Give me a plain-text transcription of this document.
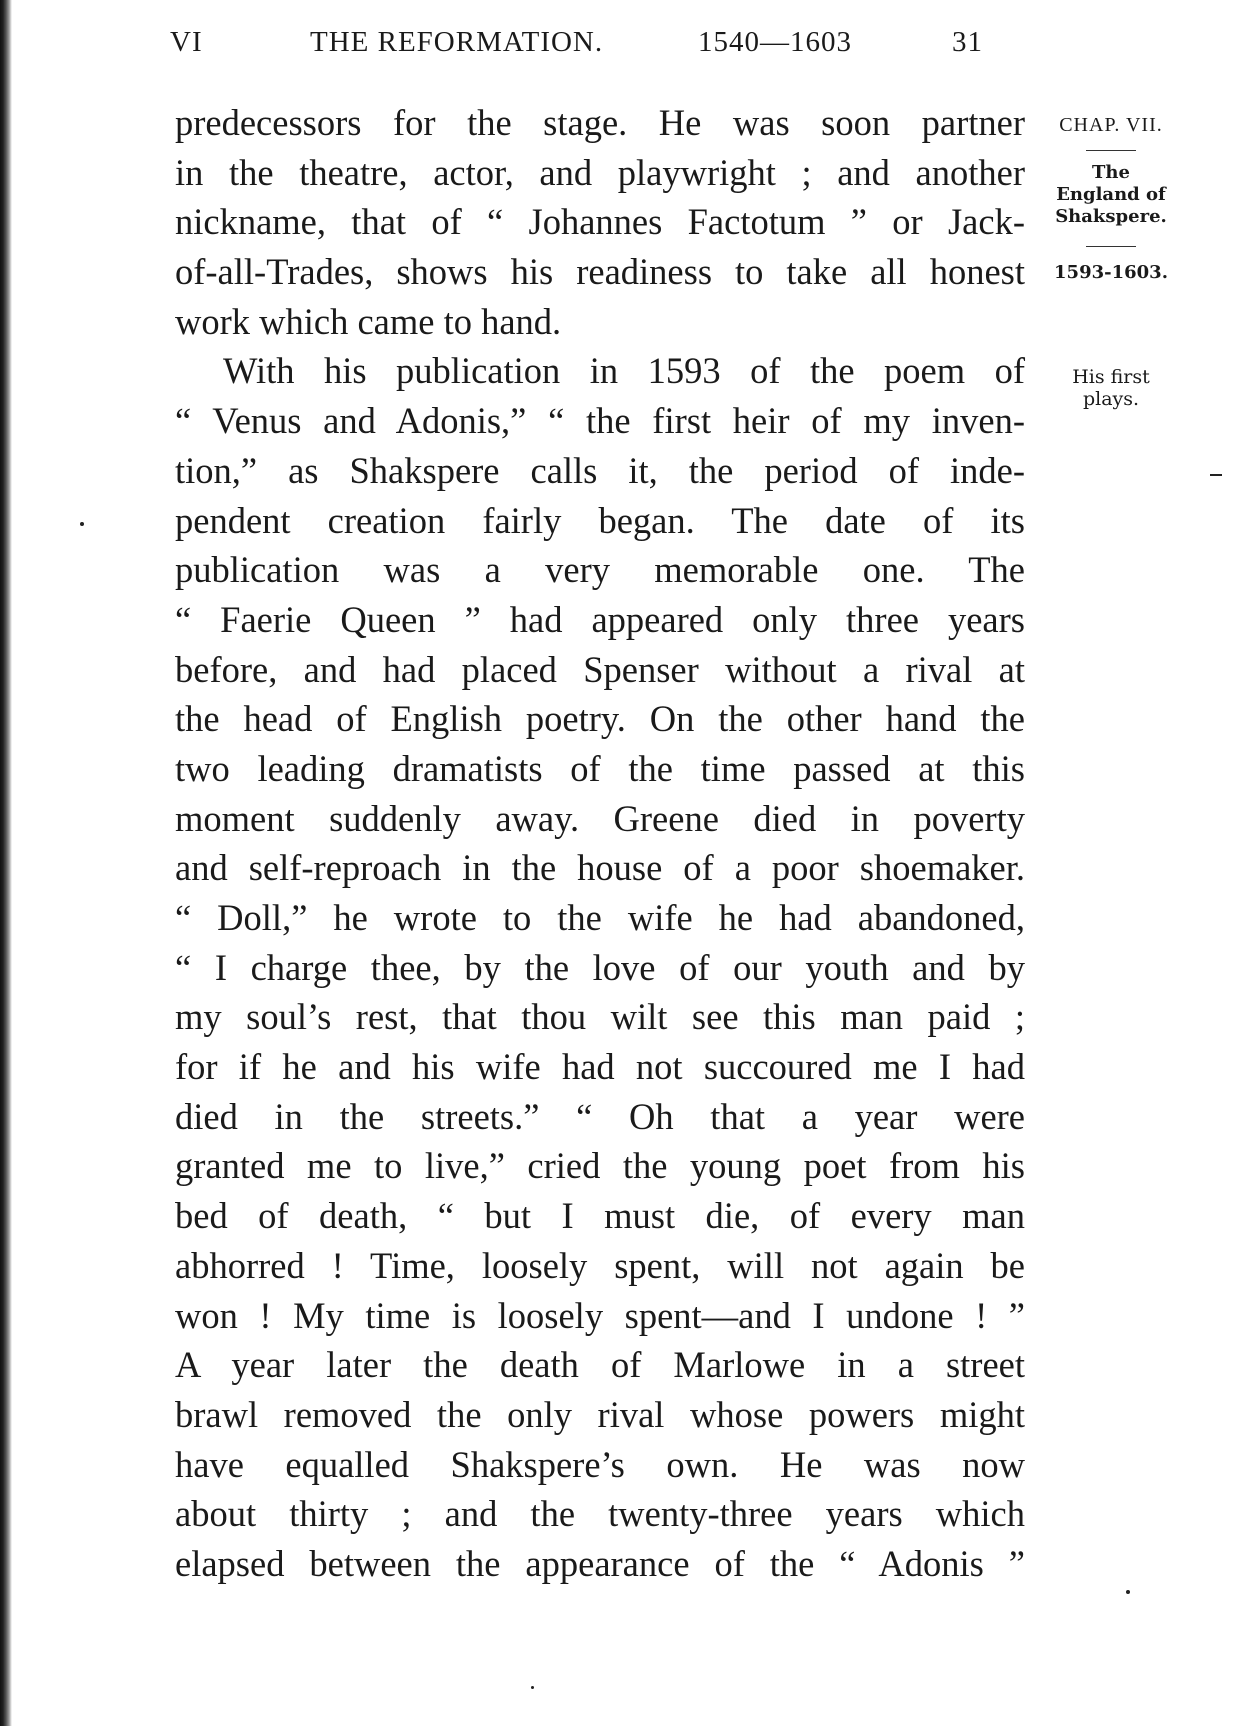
VI	THE REFORMATION.	1540—1603	31
predecessors for the stage. He was soon partner
in the theatre, actor, and playwright ; and another
nickname, that of “ Johannes Factotum ” or Jack-
of-all-Trades, shows his readiness to take all honest
work which came to hand.
With his publication in 1593 of the poem of
“ Venus and Adonis,” “ the first heir of my inven-
tion,” as Shakspere calls it, the period of inde-
pendent creation fairly began. The date of its
publication was a very memorable one. The
“ Faerie Queen ” had appeared only three years
before, and had placed Spenser without a rival at
the head of English poetry. On the other hand the
two leading dramatists of the time passed at this
moment suddenly away. Greene died in poverty
and self-reproach in the house of a poor shoemaker.
“ Doll,” he wrote to the wife he had abandoned,
“ I charge thee, by the love of our youth and by
my soul’s rest, that thou wilt see this man paid ;
for if he and his wife had not succoured me I had
died in the streets.” “ Oh that a year were
granted me to live,” cried the young poet from his
bed of death, “ but I must die, of every man
abhorred ! Time, loosely spent, will not again be
won ! My time is loosely spent—and I undone ! ”
A year later the death of Marlowe in a street
brawl removed the only rival whose powers might
have equalled Shakspere’s own. He was now
about thirty ; and the twenty-three years which
elapsed between the appearance of the “ Adonis ”
CHAP. VII.
The
England of
Shakspere.
1593-1603.
His first
plays.
